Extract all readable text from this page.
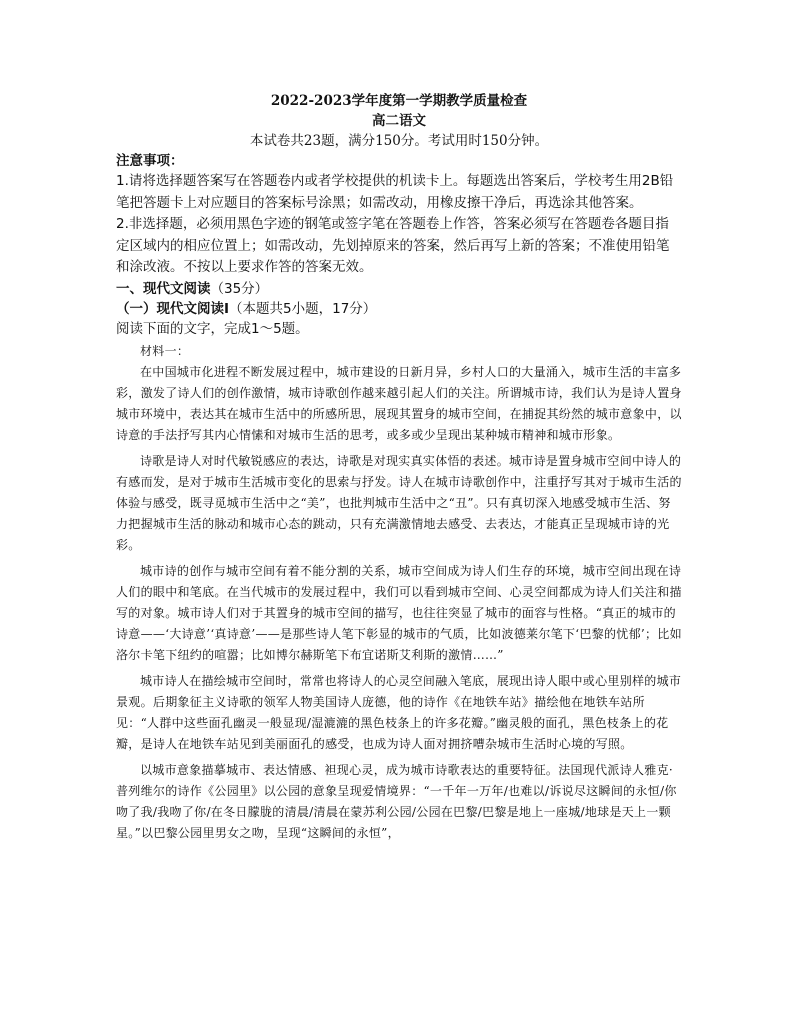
2022-2023学年度第一学期教学质量检查

高二语文

本试卷共23题，满分150分。考试用时150分钟。

注意事项：

1.请将选择题答案写在答题卷内或者学校提供的机读卡上。每题选出答案后，学校考生用2B铅笔把答题卡上对应题目的答案标号涂黑；如需改动，用橡皮擦干净后，再选涂其他答案。

2.非选择题，必须用黑色字迹的钢笔或签字笔在答题卷上作答，答案必须写在答题卷各题目指定区域内的相应位置上；如需改动，先划掉原来的答案，然后再写上新的答案；不准使用铅笔和涂改液。不按以上要求作答的答案无效。

一、现代文阅读（35分）

（一）现代文阅读Ⅰ（本题共5小题，17分）

阅读下面的文字，完成1～5题。

材料一：

在中国城市化进程不断发展过程中，城市建设的日新月异，乡村人口的大量涌入，城市生活的丰富多彩，激发了诗人们的创作激情，城市诗歌创作越来越引起人们的关注。所谓城市诗，我们认为是诗人置身城市环境中，表达其在城市生活中的所感所思，展现其置身的城市空间，在捕捉其纷然的城市意象中，以诗意的手法抒写其内心情愫和对城市生活的思考，或多或少呈现出某种城市精神和城市形象。

诗歌是诗人对时代敏锐感应的表达，诗歌是对现实真实体悟的表述。城市诗是置身城市空间中诗人的有感而发，是对于城市生活城市变化的思索与抒发。诗人在城市诗歌创作中，注重抒写其对于城市生活的体验与感受，既寻觅城市生活中之“美”，也批判城市生活中之“丑”。只有真切深入地感受城市生活、努力把握城市生活的脉动和城市心态的跳动，只有充满激情地去感受、去表达，才能真正呈现城市诗的光彩。

城市诗的创作与城市空间有着不能分割的关系，城市空间成为诗人们生存的环境，城市空间出现在诗人们的眼中和笔底。在当代城市的发展过程中，我们可以看到城市空间、心灵空间都成为诗人们关注和描写的对象。城市诗人们对于其置身的城市空间的描写，也往往突显了城市的面容与性格。“真正的城市的诗意——‘大诗意’‘真诗意’——是那些诗人笔下彰显的城市的气质，比如波德莱尔笔下‘巴黎的忧郁’；比如洛尔卡笔下纽约的喧嚣；比如博尔赫斯笔下布宜诺斯艾利斯的激情……”

城市诗人在描绘城市空间时，常常也将诗人的心灵空间融入笔底，展现出诗人眼中或心里别样的城市景观。后期象征主义诗歌的领军人物美国诗人庞德，他的诗作《在地铁车站》描绘他在地铁车站所见：“人群中这些面孔幽灵一般显现/湿漉漉的黑色枝条上的许多花瓣。”幽灵般的面孔，黑色枝条上的花瓣，是诗人在地铁车站见到美丽面孔的感受，也成为诗人面对拥挤嘈杂城市生活时心境的写照。

以城市意象描摹城市、表达情感、袒现心灵，成为城市诗歌表达的重要特征。法国现代派诗人雅克·普列维尔的诗作《公园里》以公园的意象呈现爱情境界：“一千年一万年/也难以/诉说尽这瞬间的永恒/你吻了我/我吻了你/在冬日朦胧的清晨/清晨在蒙苏利公园/公园在巴黎/巴黎是地上一座城/地球是天上一颗星。”以巴黎公园里男女之吻，呈现“这瞬间的永恒”，
